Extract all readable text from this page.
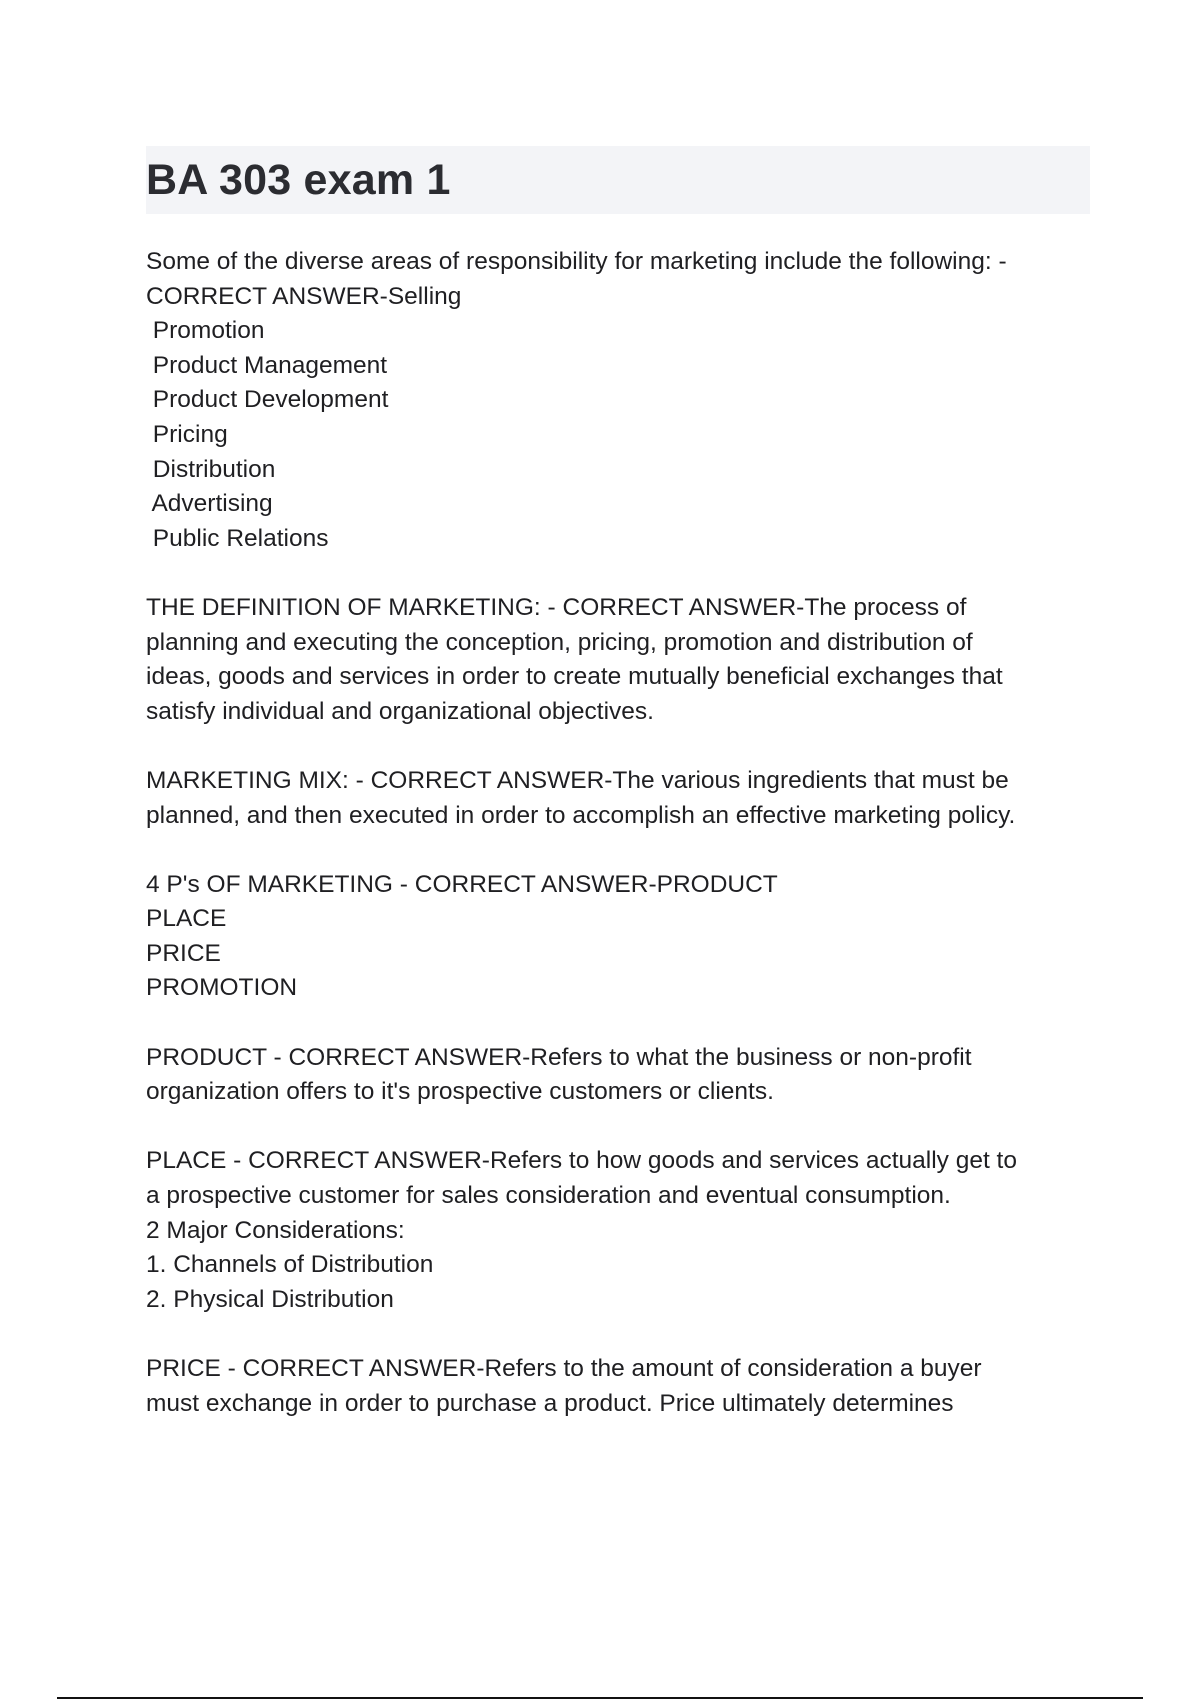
BA 303 exam 1
Some of the diverse areas of responsibility for marketing include the following: -
CORRECT ANSWER-Selling
Promotion
Product Management
Product Development
Pricing
Distribution
Advertising
Public Relations
THE DEFINITION OF MARKETING: - CORRECT ANSWER-The process of
planning and executing the conception, pricing, promotion and distribution of
ideas, goods and services in order to create mutually beneficial exchanges that
satisfy individual and organizational objectives.
MARKETING MIX: - CORRECT ANSWER-The various ingredients that must be
planned, and then executed in order to accomplish an effective marketing policy.
4 P's OF MARKETING - CORRECT ANSWER-PRODUCT
PLACE
PRICE
PROMOTION
PRODUCT - CORRECT ANSWER-Refers to what the business or non-profit
organization offers to it's prospective customers or clients.
PLACE - CORRECT ANSWER-Refers to how goods and services actually get to
a prospective customer for sales consideration and eventual consumption.
2 Major Considerations:
1. Channels of Distribution
2. Physical Distribution
PRICE - CORRECT ANSWER-Refers to the amount of consideration a buyer
must exchange in order to purchase a product. Price ultimately determines
